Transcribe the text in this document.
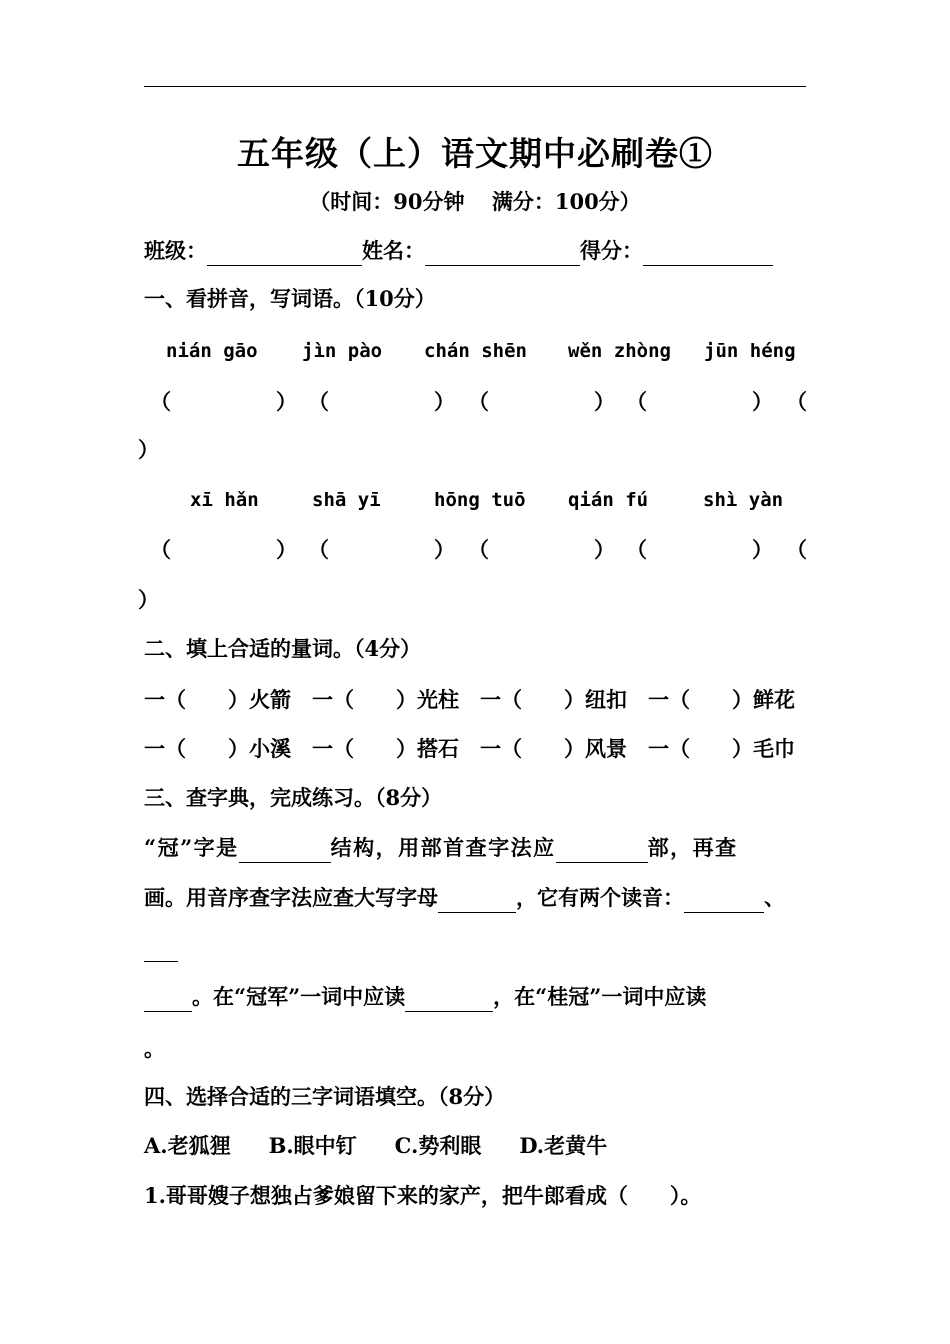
五年级（上）语文期中必刷卷①
（时间：90分钟 满分：100分）
班级：	姓名：	得分：
一、看拼音，写词语。（10分）
nián gāo jìn pào chán shēn wěn zhòng jūn héng
（	） （	） （	） （	） （
）
xī hǎn	shā yī	hōng tuō qián fú	shì yàn
（	） （	） （	） （	） （
）
二、填上合适的量词。（4分）
一（　　）火箭 一（　　）光柱 一（　　）纽扣 一（　　）鲜花
一（　　）小溪 一（　　）搭石 一（　　）风景 一（　　）毛巾
三、查字典，完成练习。（8分）
“冠”字是	结构，用部首查字法应	部，再查
画。用音序查字法应查大写字母	，它有两个读音：	、
。在“冠军”一词中应读	，在“桂冠”一词中应读
。
四、选择合适的三字词语填空。（8分）
A.老狐狸 B.眼中钉 C.势利眼 D.老黄牛
1.哥哥嫂子想独占爹娘留下来的家产，把牛郎看成（　　）。
